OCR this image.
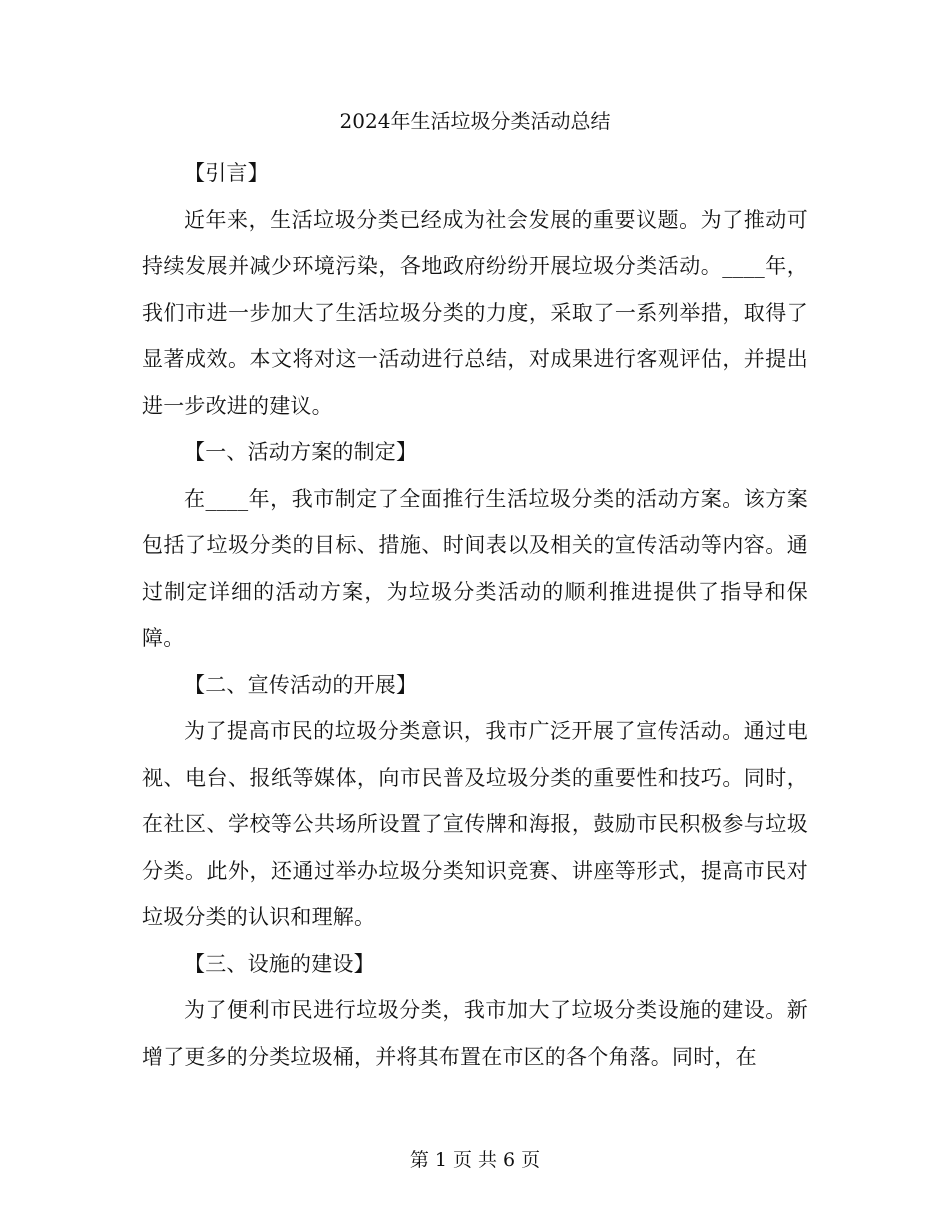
2024年生活垃圾分类活动总结

【引言】

近年来，生活垃圾分类已经成为社会发展的重要议题。为了推动可持续发展并减少环境污染，各地政府纷纷开展垃圾分类活动。____年，我们市进一步加大了生活垃圾分类的力度，采取了一系列举措，取得了显著成效。本文将对这一活动进行总结，对成果进行客观评估，并提出进一步改进的建议。

【一、活动方案的制定】

在____年，我市制定了全面推行生活垃圾分类的活动方案。该方案包括了垃圾分类的目标、措施、时间表以及相关的宣传活动等内容。通过制定详细的活动方案，为垃圾分类活动的顺利推进提供了指导和保障。

【二、宣传活动的开展】

为了提高市民的垃圾分类意识，我市广泛开展了宣传活动。通过电视、电台、报纸等媒体，向市民普及垃圾分类的重要性和技巧。同时，在社区、学校等公共场所设置了宣传牌和海报，鼓励市民积极参与垃圾分类。此外，还通过举办垃圾分类知识竞赛、讲座等形式，提高市民对垃圾分类的认识和理解。

【三、设施的建设】

为了便利市民进行垃圾分类，我市加大了垃圾分类设施的建设。新增了更多的分类垃圾桶，并将其布置在市区的各个角落。同时，在

第 1 页 共 6 页
